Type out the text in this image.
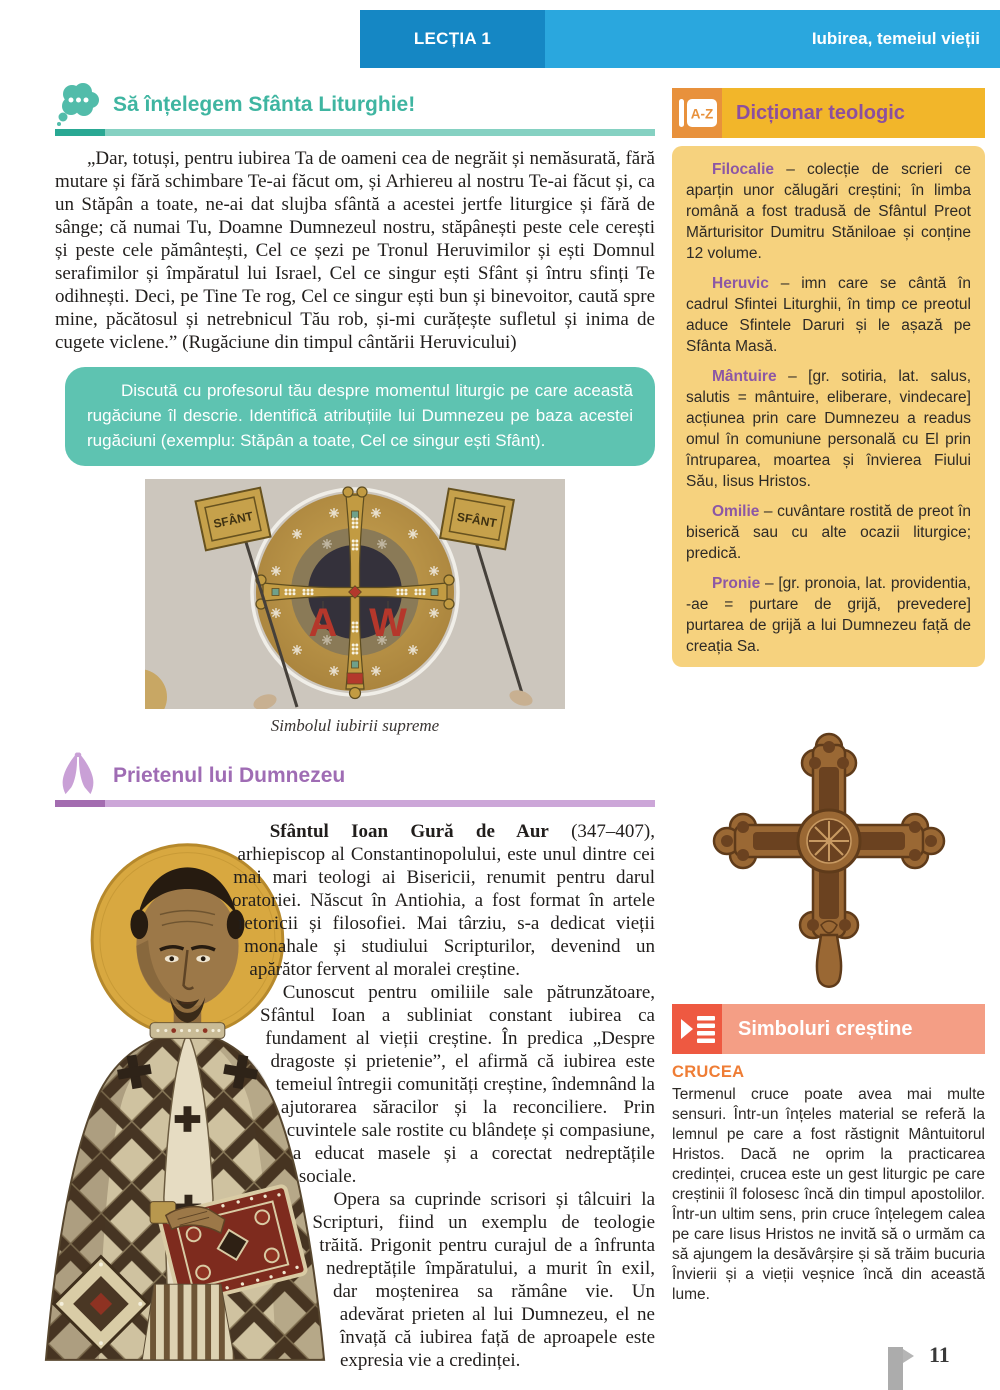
LECȚIA 1	Iubirea, temeiul vieții
Să înțelegem Sfânta Liturghie!

„Dar, totuși, pentru iubirea Ta de oameni cea de negrăit și nemăsurată, fără mutare și fără schimbare Te-ai făcut om, și Arhiereu al nostru Te-ai făcut și, ca un Stăpân a toate, ne-ai dat slujba sfântă a acestei jertfe liturgice și fără de sânge; că numai Tu, Doamne Dumnezeul nostru, stăpânești peste cele cerești și peste cele pământești, Cel ce șezi pe Tronul Heruvimilor și ești Domnul serafimilor și împăratul lui Israel, Cel ce singur ești Sfânt și întru sfinți Te odihnești. Deci, pe Tine Te rog, Cel ce singur ești bun și binevoitor, caută spre mine, păcătosul și netrebnicul Tău rob, și-mi curățește sufletul și inima de cugete viclene.” (Rugăciune din timpul cântării Heruvicului)

Discută cu profesorul tău despre momentul liturgic pe care această rugăciune îl descrie. Identifică atribuțiile lui Dumnezeu pe baza acestei rugăciuni (exemplu: Stăpân a toate, Cel ce singur ești Sfânt).
A W
SFÂNT	SFÂNT
Simbolul iubirii supreme
Prietenul lui Dumnezeu

Sfântul Ioan Gură de Aur (347–407), arhiepiscop al Constantinopolului, este unul dintre cei mai mari teologi ai Bisericii, renumit pentru darul oratoriei. Născut în Antiohia, a fost format în artele retoricii și filosofiei. Mai târziu, s-a dedicat vieții monahale și studiului Scripturilor, devenind un apărător fervent al moralei creștine.

Cunoscut pentru omiliile sale pătrunzătoare, Sfântul Ioan a subliniat constant iubirea ca fundament al vieții creștine. În predica „Despre dragoste și prietenie”, el afirmă că iubirea este temeiul întregii comunități creștine, îndemnând la ajutorarea săracilor și la reconciliere. Prin cuvintele sale rostite cu blândețe și compasiune, a educat masele și a corectat nedreptățile sociale.

Opera sa cuprinde scrisori și tâlcuiri la Scripturi, fiind un exemplu de teologie trăită. Prigonit pentru curajul de a înfrunta nedreptățile împăratului, a murit în exil, dar moștenirea sa rămâne vie. Un adevărat prieten al lui Dumnezeu, el ne învață că iubirea față de aproapele este expresia vie a credinței.

A-Z	Dicționar teologic

Filocalie – colecție de scrieri ce aparțin unor călugări creștini; în limba română a fost tradusă de Sfântul Preot Mărturisitor Dumitru Stăniloae și conține 12 volume.

Heruvic – imn care se cântă în cadrul Sfintei Liturghii, în timp ce preotul aduce Sfintele Daruri și le așază pe Sfânta Masă.

Mântuire – [gr. sotiria, lat. salus, salutis = mântuire, eliberare, vindecare] acțiunea prin care Dumnezeu a readus omul în comuniune personală cu El prin întruparea, moartea și învierea Fiului Său, Iisus Hristos.

Omilie – cuvântare rostită de preot în biserică sau cu alte ocazii liturgice; predică.

Pronie – [gr. pronoia, lat. providentia, -ae = purtare de grijă, prevedere] purtarea de grijă a lui Dumnezeu față de creația Sa.

Simboluri creștine
CRUCEA
Termenul cruce poate avea mai multe sensuri. Într-un înțeles material se referă la lemnul pe care a fost răstignit Mântuitorul Hristos. Dacă ne oprim la practicarea credinței, crucea este un gest liturgic pe care creștinii îl folosesc încă din timpul apostolilor. Într-un ultim sens, prin cruce înțelegem calea pe care Iisus Hristos ne invită să o urmăm ca să ajungem la desăvârșire și să trăim bucuria Învierii și a vieții veșnice încă din această lume.
11
